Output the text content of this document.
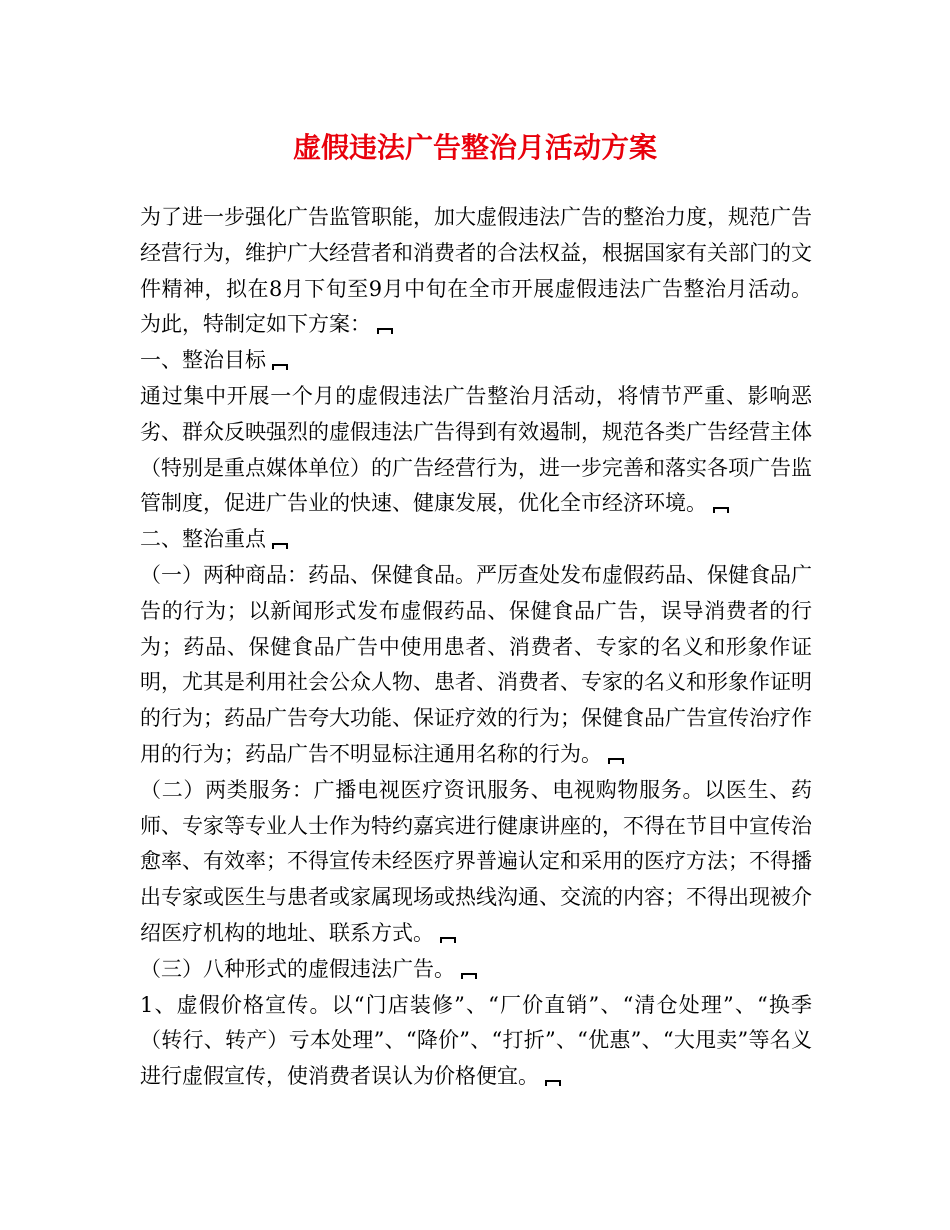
虚假违法广告整治月活动方案

为了进一步强化广告监管职能，加大虚假违法广告的整治力度，规范广告经营行为，维护广大经营者和消费者的合法权益，根据国家有关部门的文件精神，拟在8月下旬至9月中旬在全市开展虚假违法广告整治月活动。为此，特制定如下方案：

一、整治目标

通过集中开展一个月的虚假违法广告整治月活动，将情节严重、影响恶劣、群众反映强烈的虚假违法广告得到有效遏制，规范各类广告经营主体（特别是重点媒体单位）的广告经营行为，进一步完善和落实各项广告监管制度，促进广告业的快速、健康发展，优化全市经济环境。

二、整治重点

（一）两种商品：药品、保健食品。严厉查处发布虚假药品、保健食品广告的行为；以新闻形式发布虚假药品、保健食品广告，误导消费者的行为；药品、保健食品广告中使用患者、消费者、专家的名义和形象作证明，尤其是利用社会公众人物、患者、消费者、专家的名义和形象作证明的行为；药品广告夸大功能、保证疗效的行为；保健食品广告宣传治疗作用的行为；药品广告不明显标注通用名称的行为。

（二）两类服务：广播电视医疗资讯服务、电视购物服务。以医生、药师、专家等专业人士作为特约嘉宾进行健康讲座的，不得在节目中宣传治愈率、有效率；不得宣传未经医疗界普遍认定和采用的医疗方法；不得播出专家或医生与患者或家属现场或热线沟通、交流的内容；不得出现被介绍医疗机构的地址、联系方式。

（三）八种形式的虚假违法广告。

1、虚假价格宣传。以“门店装修”、“厂价直销”、“清仓处理”、“换季（转行、转产）亏本处理”、“降价”、“打折”、“优惠”、“大甩卖”等名义进行虚假宣传，使消费者误认为价格便宜。
